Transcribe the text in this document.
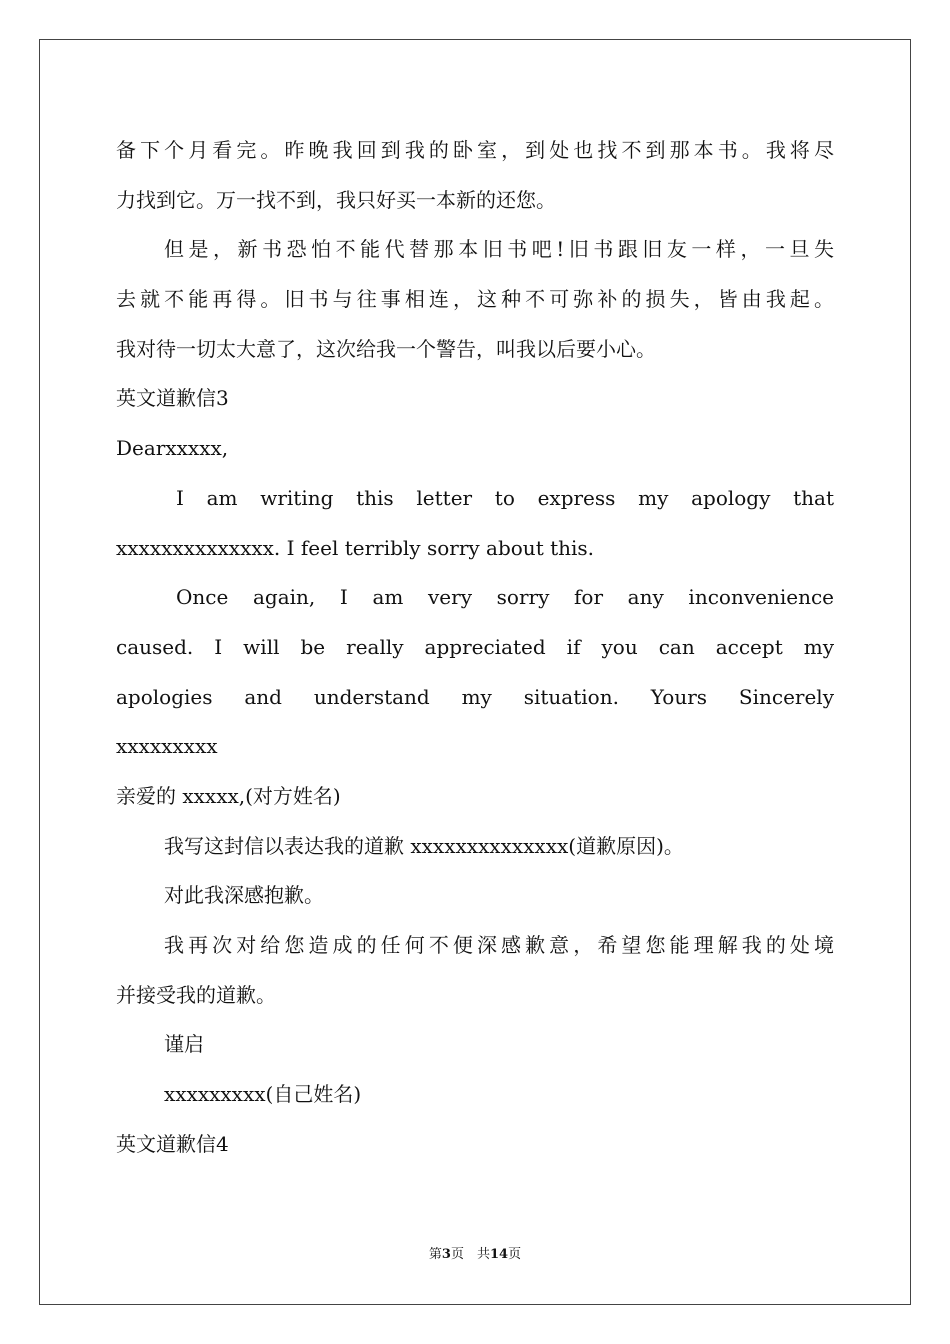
备下个月看完。昨晚我回到我的卧室，到处也找不到那本书。我将尽
力找到它。万一找不到，我只好买一本新的还您。
但是，新书恐怕不能代替那本旧书吧!旧书跟旧友一样，一旦失
去就不能再得。旧书与往事相连，这种不可弥补的损失，皆由我起。
我对待一切太大意了，这次给我一个警告，叫我以后要小心。
英文道歉信3
Dearxxxxx,
I am writing this letter to express my apology that
xxxxxxxxxxxxxx. I feel terribly sorry about this.
Once again, I am very sorry for any inconvenience
caused. I will be really appreciated if you can accept my
apologies and understand my situation. Yours Sincerely
xxxxxxxxx
亲爱的 xxxxx,(对方姓名)
我写这封信以表达我的道歉 xxxxxxxxxxxxxx(道歉原因)。
对此我深感抱歉。
我再次对给您造成的任何不便深感歉意，希望您能理解我的处境
并接受我的道歉。
谨启
xxxxxxxxx(自己姓名)
英文道歉信4
第3页　共14页
